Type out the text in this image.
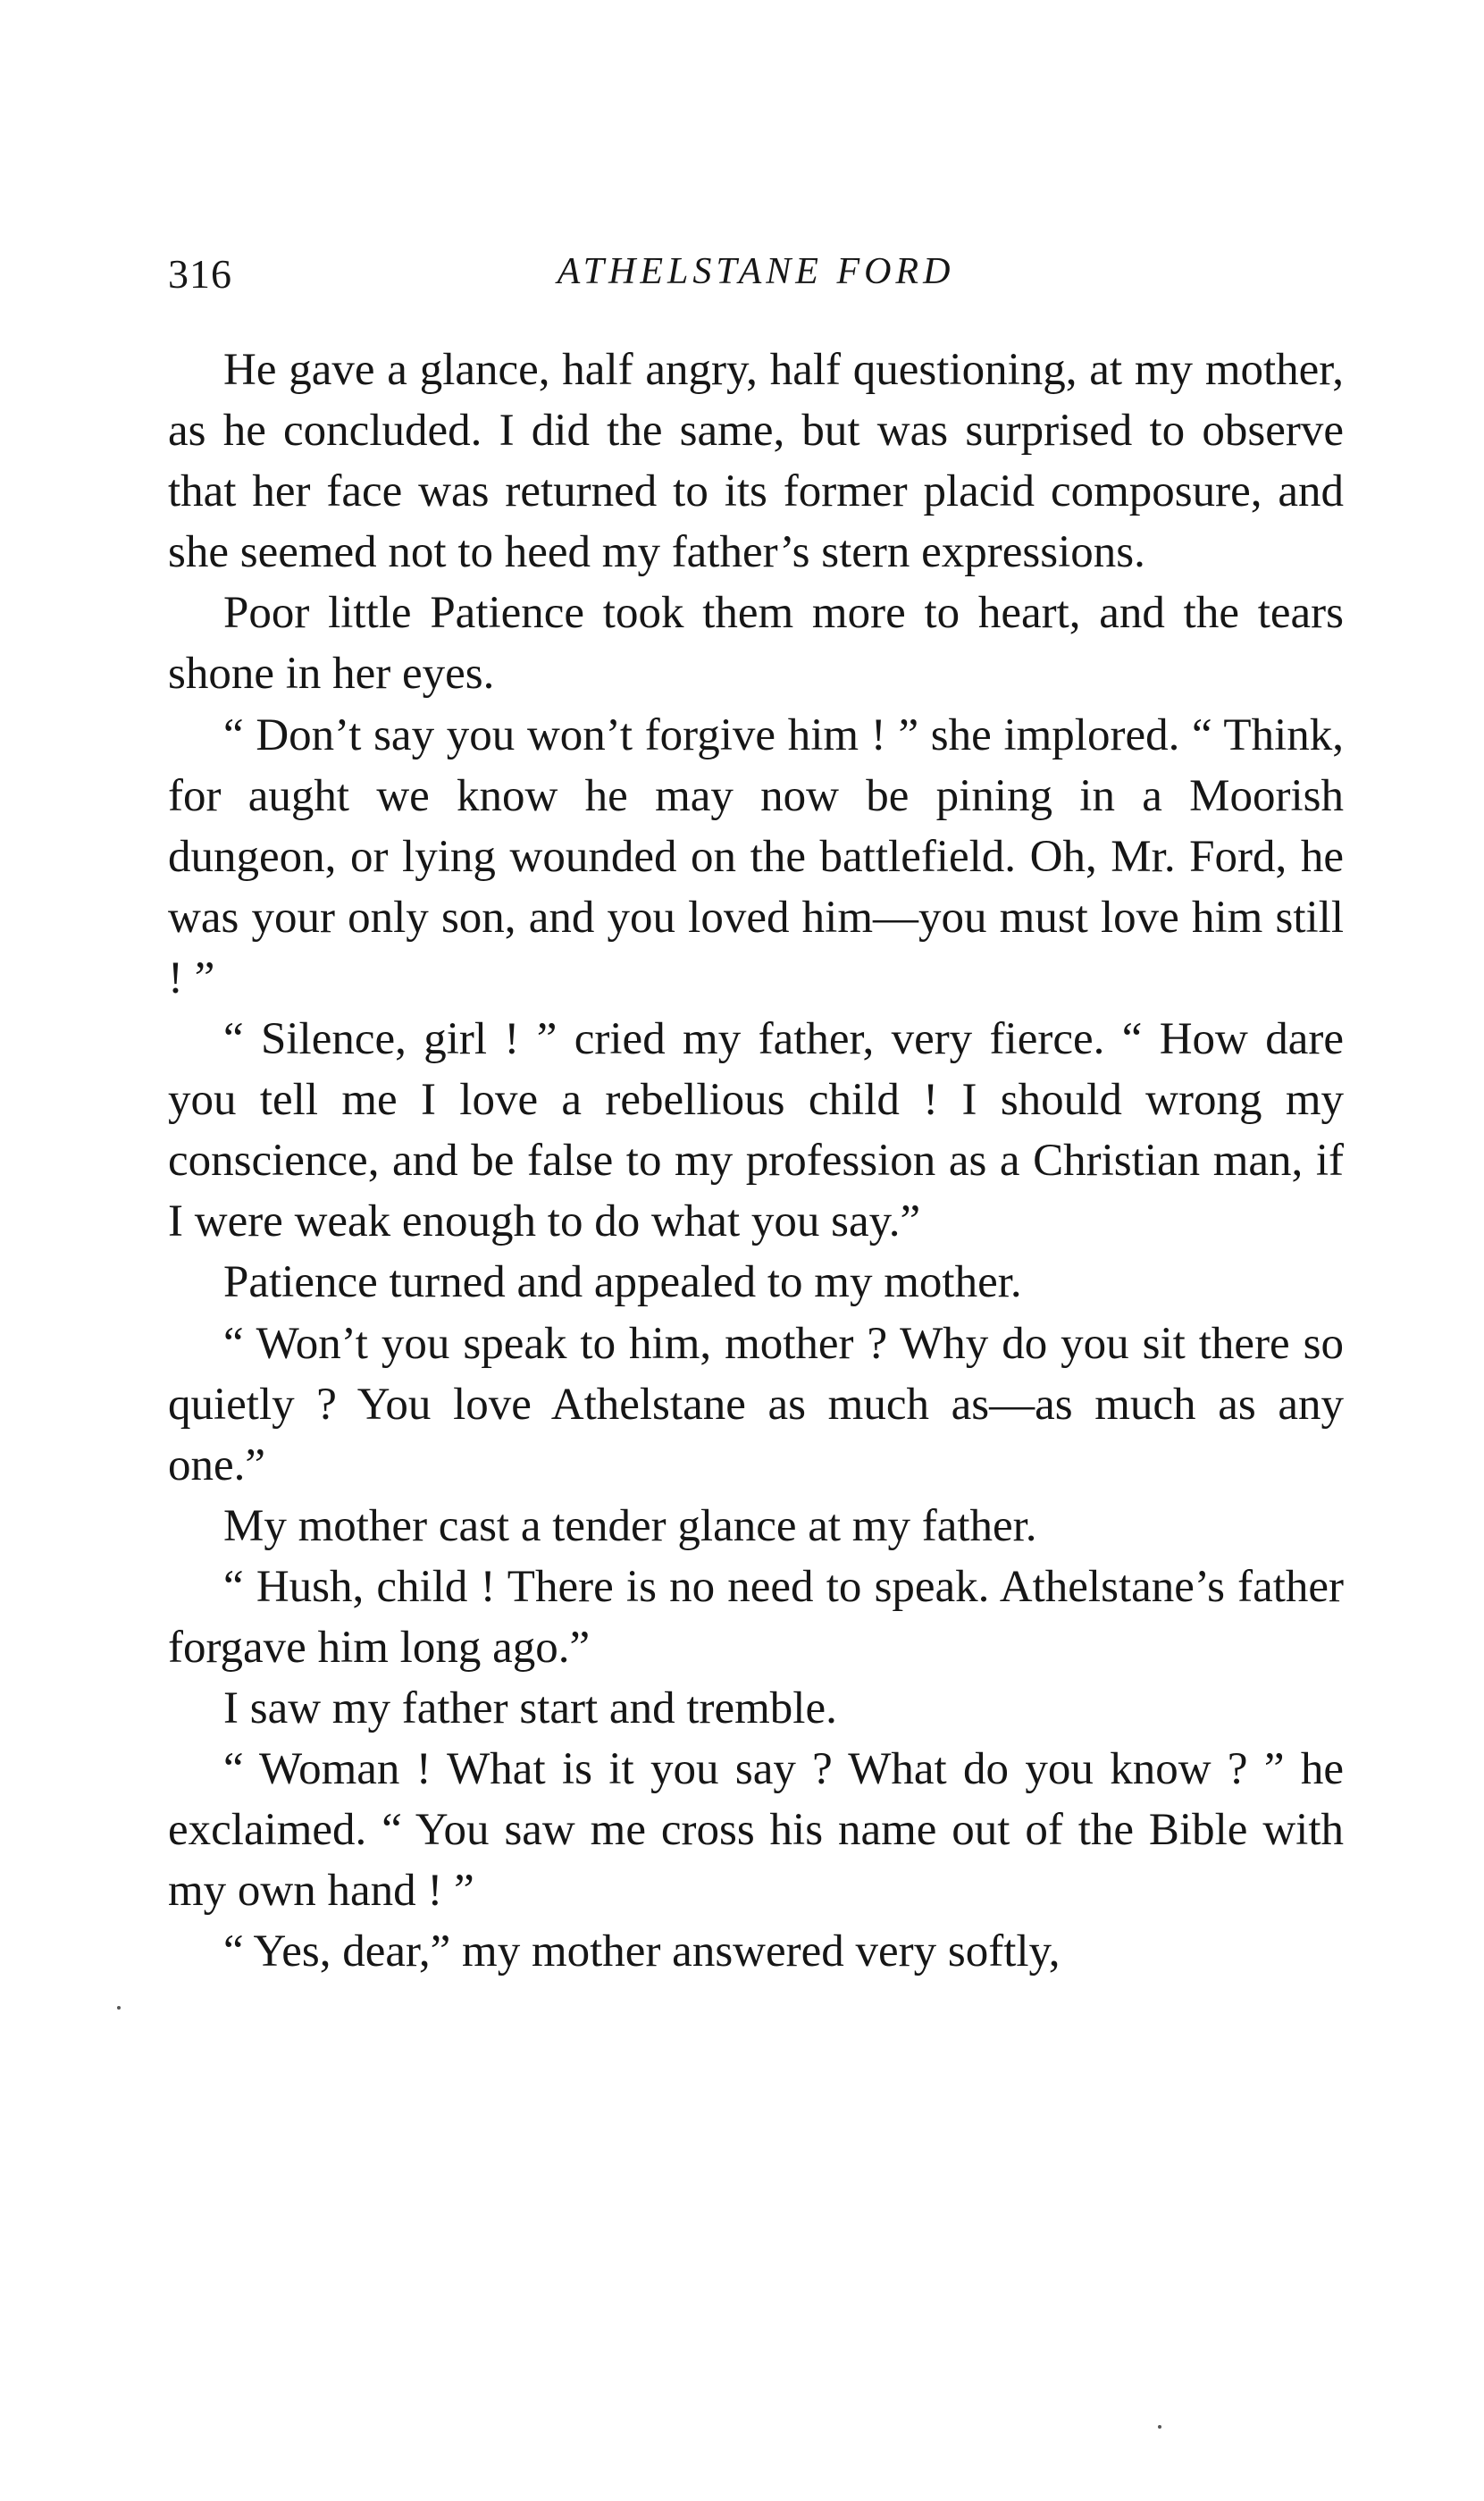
316	ATHELSTANE FORD

He gave a glance, half angry, half questioning, at my mother, as he concluded. I did the same, but was surprised to observe that her face was returned to its former placid composure, and she seemed not to heed my father’s stern expressions.

Poor little Patience took them more to heart, and the tears shone in her eyes.

“ Don’t say you won’t forgive him ! ” she implored. “ Think, for aught we know he may now be pining in a Moorish dungeon, or lying wounded on the battlefield. Oh, Mr. Ford, he was your only son, and you loved him—you must love him still ! ”

“ Silence, girl ! ” cried my father, very fierce. “ How dare you tell me I love a rebellious child ! I should wrong my conscience, and be false to my profession as a Christian man, if I were weak enough to do what you say.”

Patience turned and appealed to my mother.

“ Won’t you speak to him, mother ? Why do you sit there so quietly ? You love Athelstane as much as—as much as any one.”

My mother cast a tender glance at my father.

“ Hush, child ! There is no need to speak. Athelstane’s father forgave him long ago.”

I saw my father start and tremble.

“ Woman ! What is it you say ? What do you know ? ” he exclaimed. “ You saw me cross his name out of the Bible with my own hand ! ”

“ Yes, dear,” my mother answered very softly,
